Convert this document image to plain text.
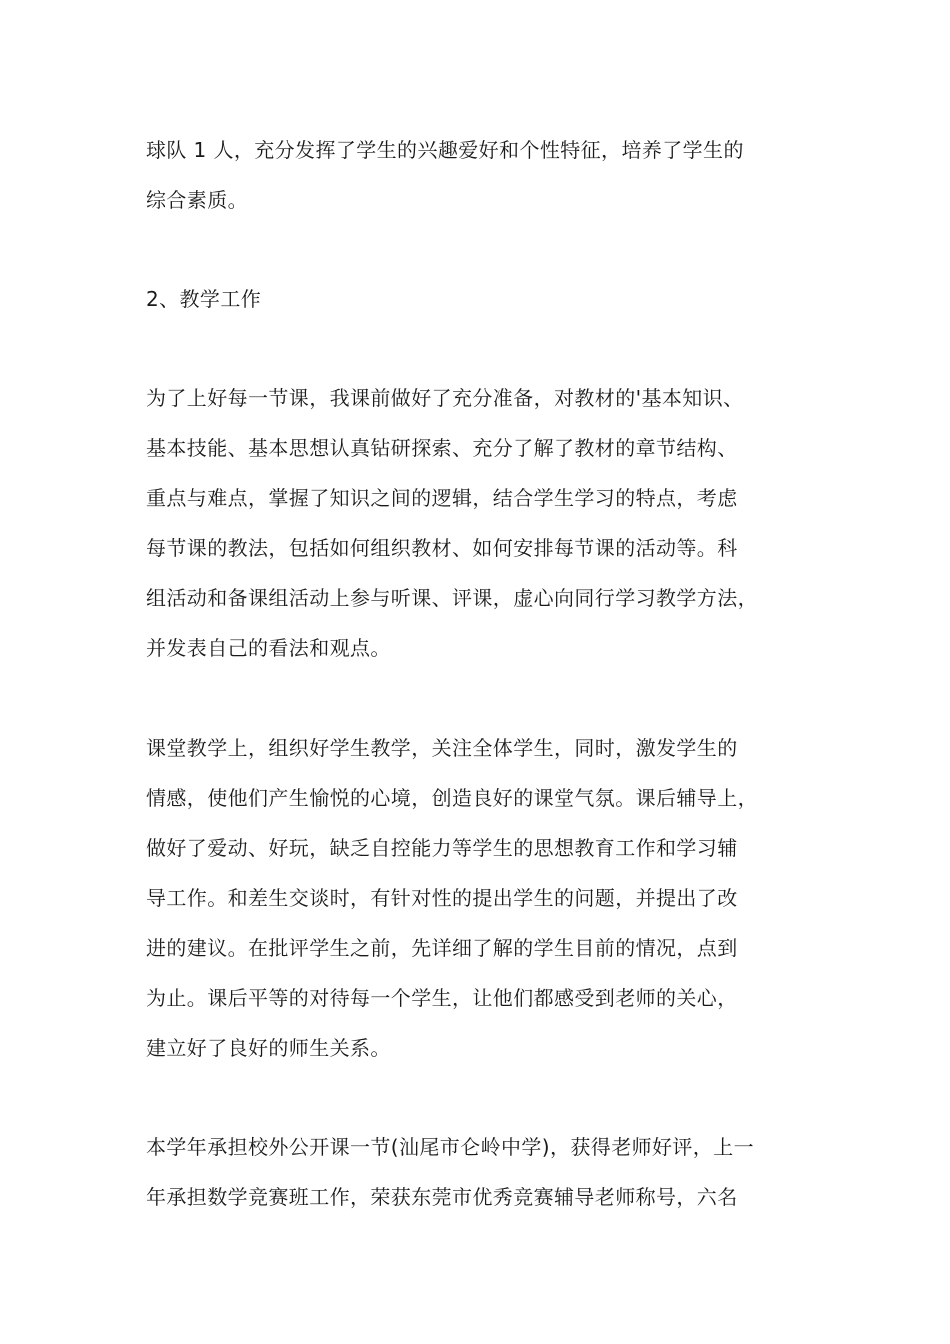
球队 1 人，充分发挥了学生的兴趣爱好和个性特征，培养了学生的

综合素质。

2、教学工作

为了上好每一节课，我课前做好了充分准备，对教材的'基本知识、

基本技能、基本思想认真钻研探索、充分了解了教材的章节结构、

重点与难点，掌握了知识之间的逻辑，结合学生学习的特点，考虑

每节课的教法，包括如何组织教材、如何安排每节课的活动等。科

组活动和备课组活动上参与听课、评课，虚心向同行学习教学方法，

并发表自己的看法和观点。

课堂教学上，组织好学生教学，关注全体学生，同时，激发学生的

情感，使他们产生愉悦的心境，创造良好的课堂气氛。课后辅导上，

做好了爱动、好玩，缺乏自控能力等学生的思想教育工作和学习辅

导工作。和差生交谈时，有针对性的提出学生的问题，并提出了改

进的建议。在批评学生之前，先详细了解的学生目前的情况，点到

为止。课后平等的对待每一个学生，让他们都感受到老师的关心，

建立好了良好的师生关系。

本学年承担校外公开课一节(汕尾市仑岭中学)，获得老师好评，上一

年承担数学竞赛班工作，荣获东莞市优秀竞赛辅导老师称号，六名
